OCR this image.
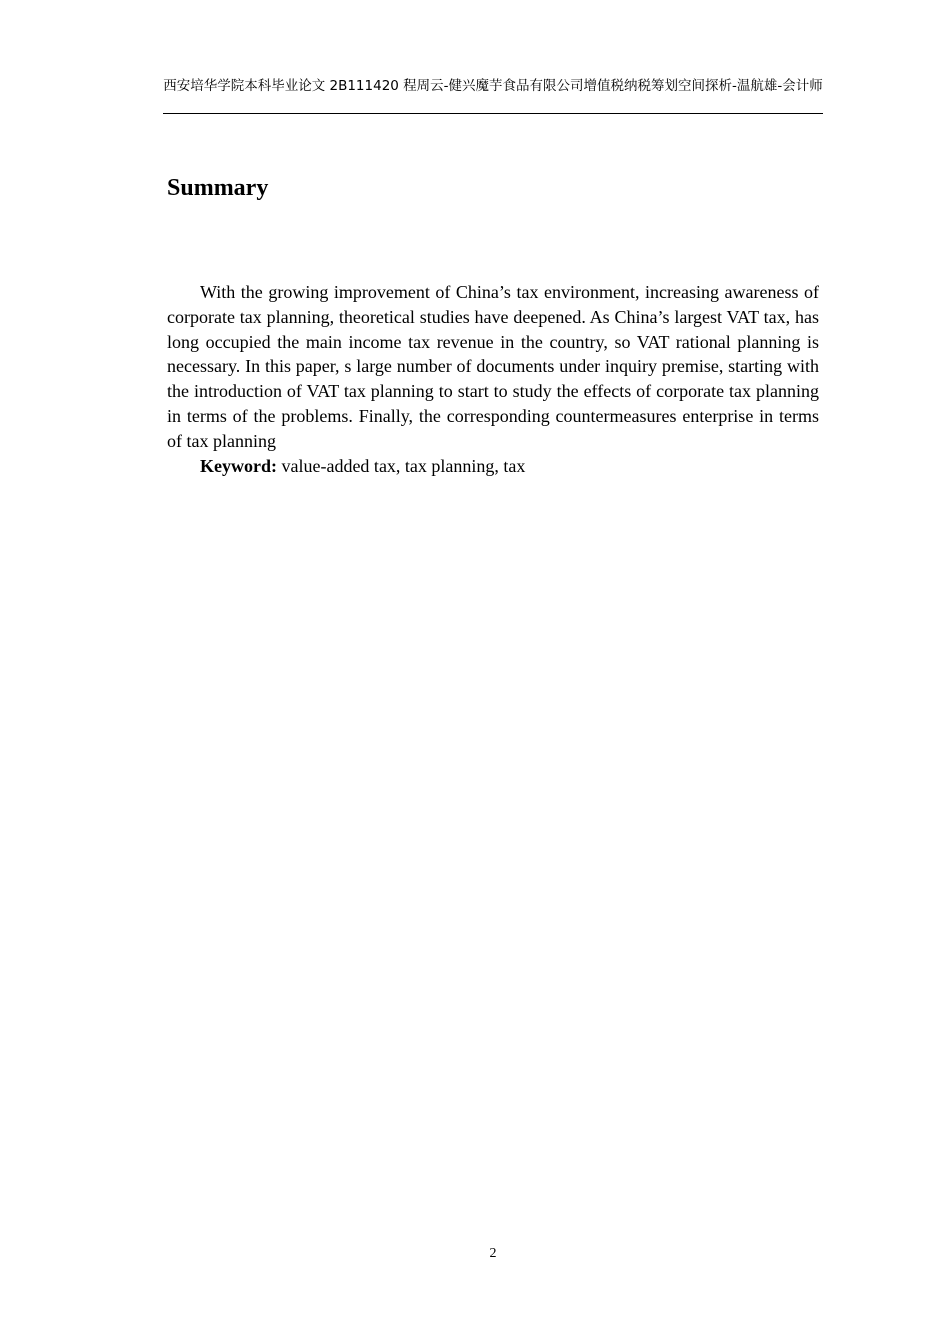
西安培华学院本科毕业论文 2B111420 程周云-健兴魔芋食品有限公司增值税纳税筹划空间探析-温航雄-会计师
Summary

With the growing improvement of China’s tax environment, increasing awareness of corporate tax planning, theoretical studies have deepened. As China’s largest VAT tax, has long occupied the main income tax revenue in the country, so VAT rational planning is necessary. In this paper, s large number of documents under inquiry premise, starting with the introduction of VAT tax planning to start to study the effects of corporate tax planning in terms of the problems. Finally, the corresponding countermeasures enterprise in terms of tax planning

Keyword: value-added tax, tax planning, tax

2
